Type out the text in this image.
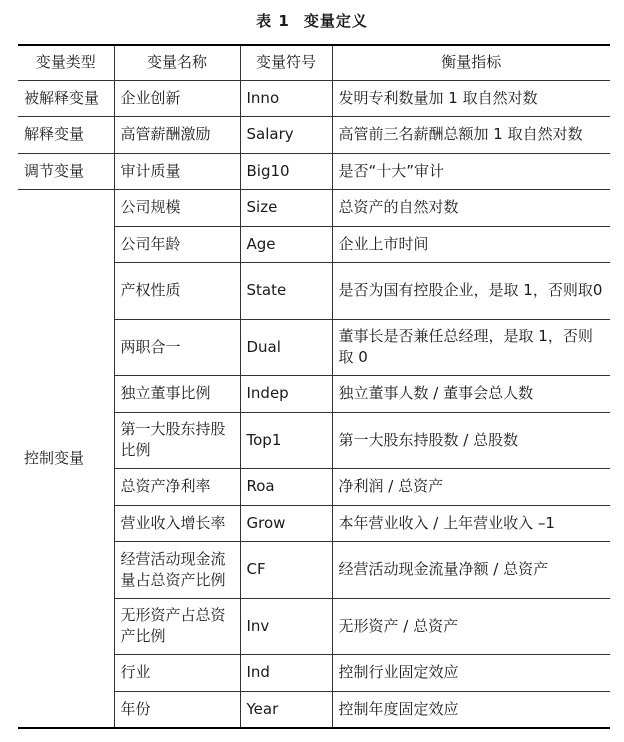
表 1 变量定义
变量类型	变量名称	变量符号	衡量指标
被解释变量	企业创新	Inno	发明专利数量加 1 取自然对数
解释变量	高管薪酬激励	Salary	高管前三名薪酬总额加 1 取自然对数
调节变量	审计质量	Big10	是否“十大”审计
控制变量	公司规模	Size	总资产的自然对数
	公司年龄	Age	企业上市时间
	产权性质	State	是否为国有控股企业，是取 1，否则取0
	两职合一	Dual	董事长是否兼任总经理，是取 1，否则取 0
	独立董事比例	Indep	独立董事人数 / 董事会总人数
	第一大股东持股比例	Top1	第一大股东持股数 / 总股数
	总资产净利率	Roa	净利润 / 总资产
	营业收入增长率	Grow	本年营业收入 / 上年营业收入 –1
	经营活动现金流量占总资产比例	CF	经营活动现金流量净额 / 总资产
	无形资产占总资产比例	Inv	无形资产 / 总资产
	行业	Ind	控制行业固定效应
	年份	Year	控制年度固定效应
